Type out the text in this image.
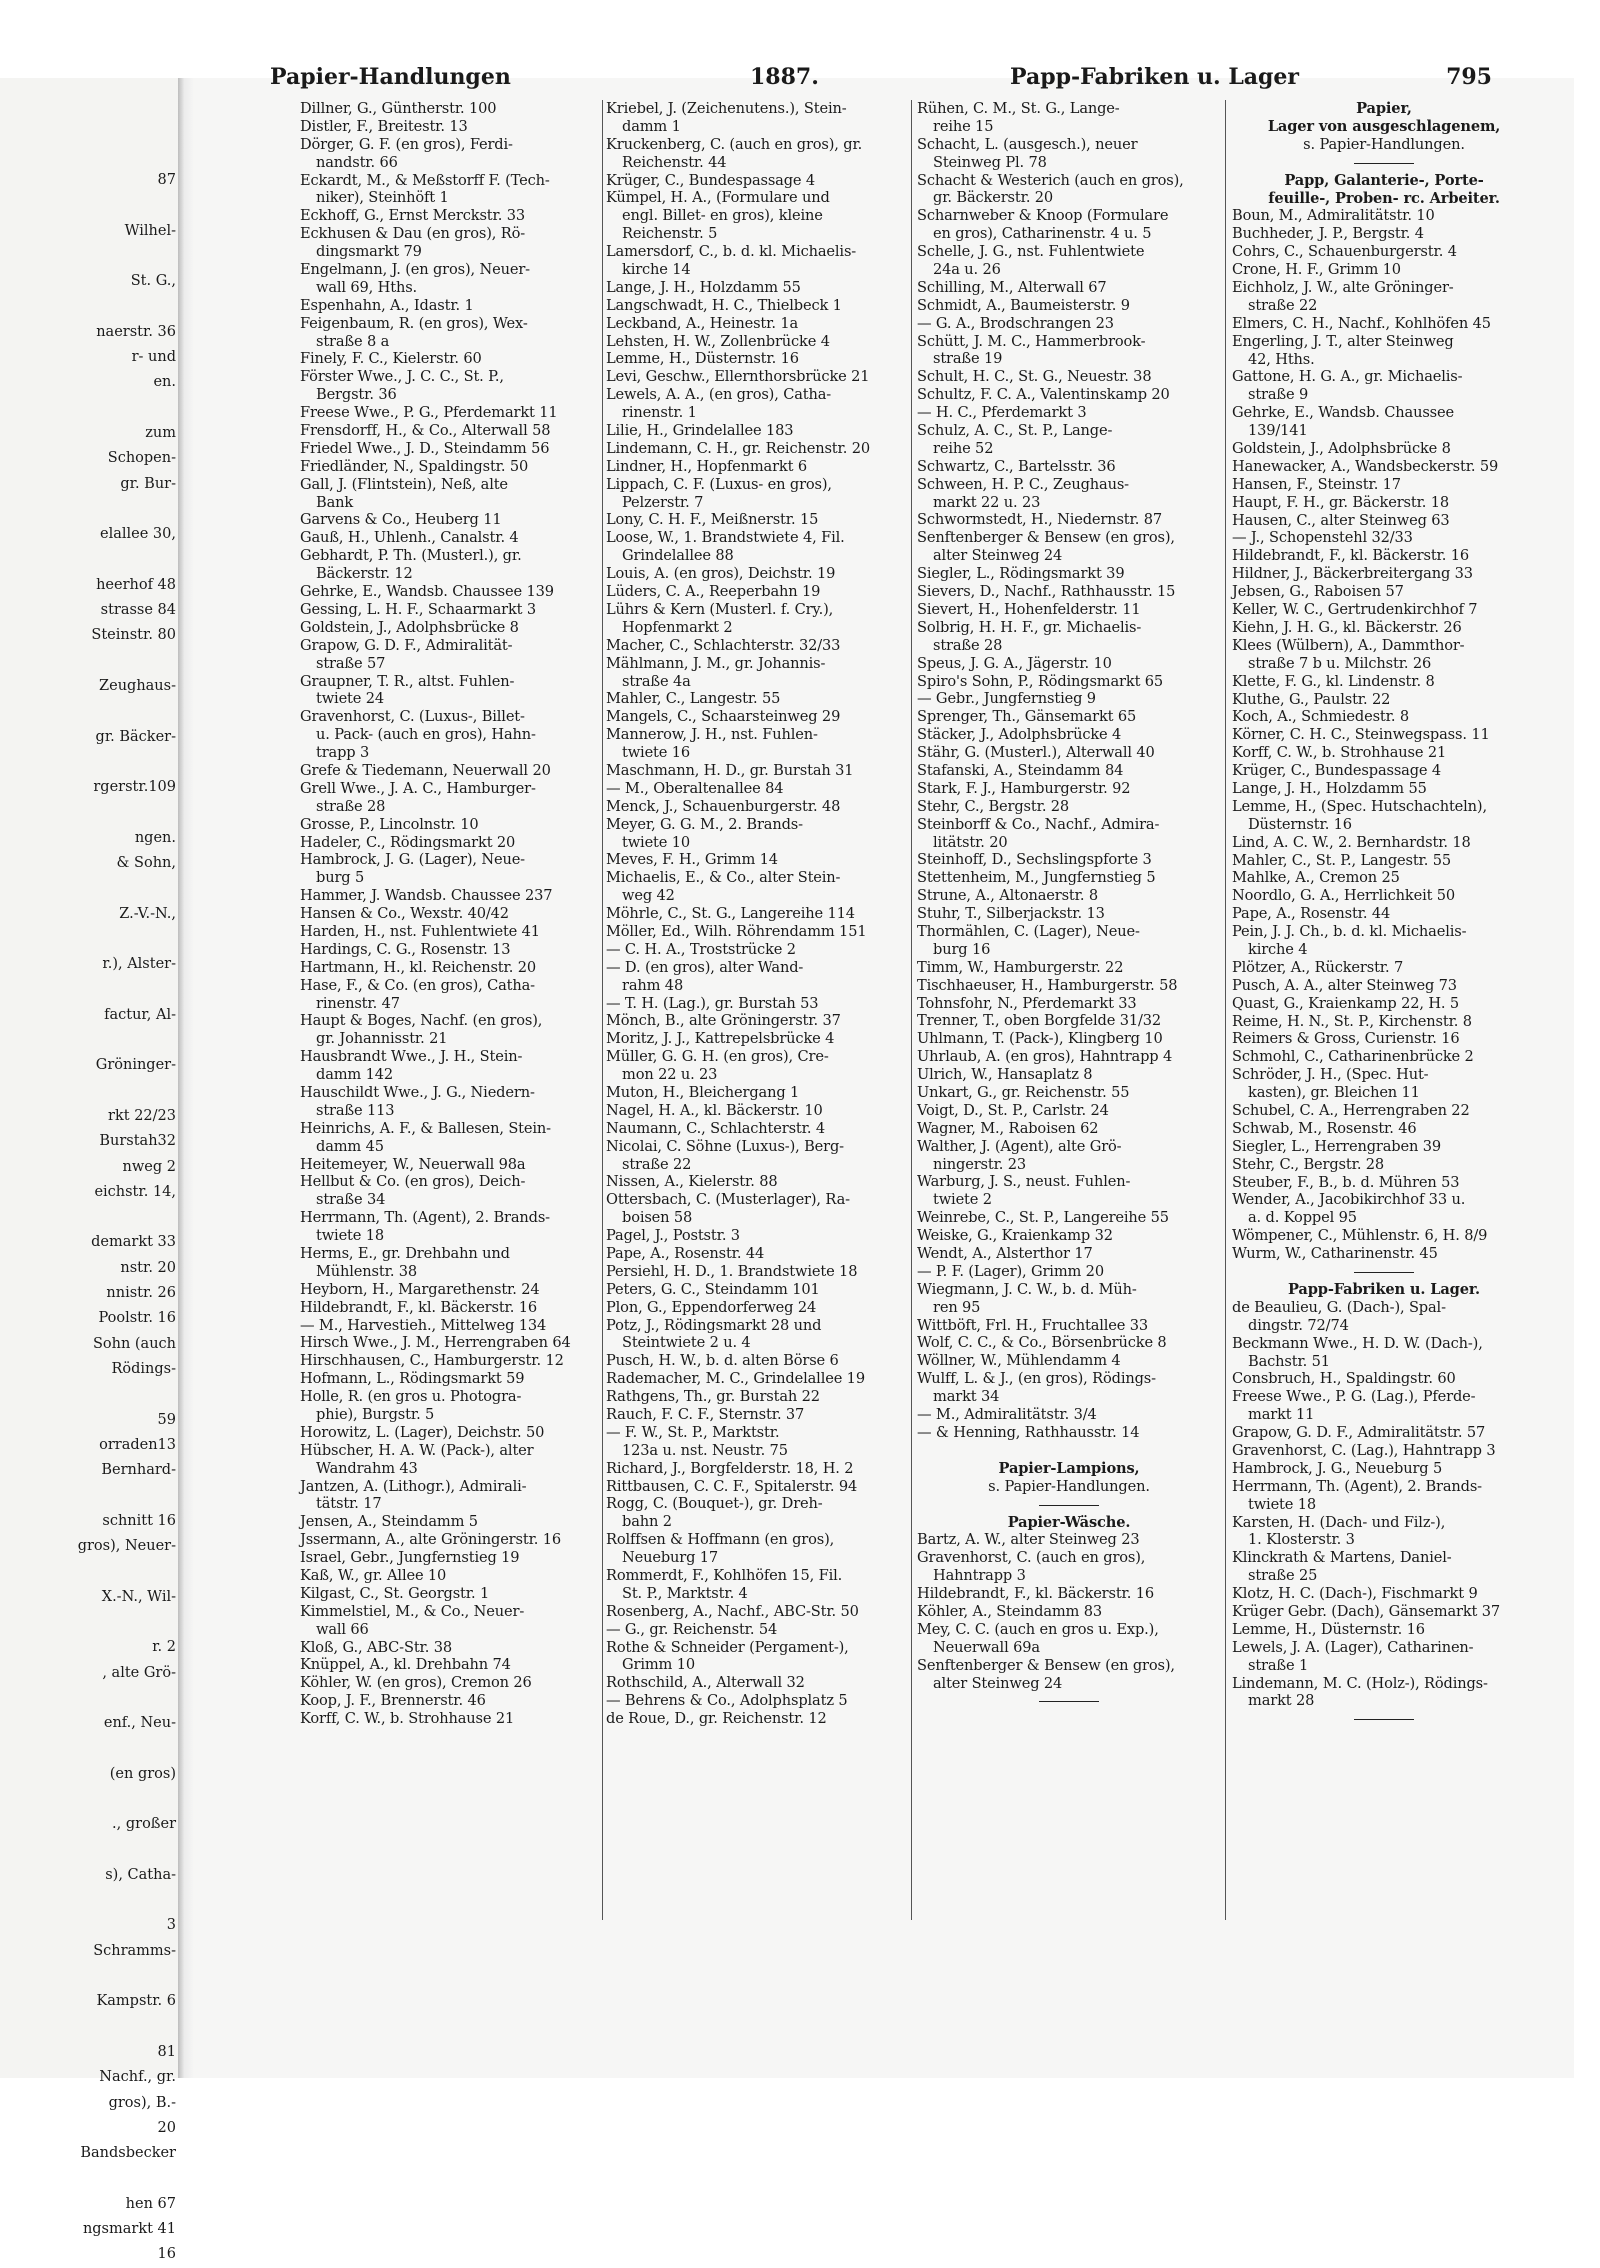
87
Wilhel-
St. G.,
naerstr. 36
r- und
en.
zum
Schopen-
gr. Bur-
elallee 30,
heerhof 48
strasse 84
Steinstr. 80
Zeughaus-
gr. Bäcker-
rgerstr.109
ngen.
& Sohn,
Z.-V.-N.,
r.), Alster-
factur, Al-
Gröninger-
rkt 22/23
Burstah32
nweg 2
eichstr. 14,
demarkt 33
nstr. 20
nnistr. 26
Poolstr. 16
Sohn (auch
Rödings-
59
orraden13
Bernhard-
schnitt 16
gros), Neuer-
X.-N., Wil-
r. 2
, alte Grö-
enf., Neu-
(en gros)
., großer
s), Catha-
3
Schramms-
Kampstr. 6
81
Nachf., gr.
gros), B.-
20
Bandsbecker
hen 67
ngsmarkt 41
16
Papier-Handlungen	1887.	Papp-Fabriken u. Lager	795
Dillner, G., Güntherstr. 100
Distler, F., Breitestr. 13
Dörger, G. F. (en gros), Ferdi-
nandstr. 66
Eckardt, M., & Meßstorff F. (Tech-
niker), Steinhöft 1
Eckhoff, G., Ernst Merckstr. 33
Eckhusen & Dau (en gros), Rö-
dingsmarkt 79
Engelmann, J. (en gros), Neuer-
wall 69, Hths.
Espenhahn, A., Idastr. 1
Feigenbaum, R. (en gros), Wex-
straße 8 a
Finely, F. C., Kielerstr. 60
Förster Wwe., J. C. C., St. P.,
Bergstr. 36
Freese Wwe., P. G., Pferdemarkt 11
Frensdorff, H., & Co., Alterwall 58
Friedel Wwe., J. D., Steindamm 56
Friedländer, N., Spaldingstr. 50
Gall, J. (Flintstein), Neß, alte
Bank
Garvens & Co., Heuberg 11
Gauß, H., Uhlenh., Canalstr. 4
Gebhardt, P. Th. (Musterl.), gr.
Bäckerstr. 12
Gehrke, E., Wandsb. Chaussee 139
Gessing, L. H. F., Schaarmarkt 3
Goldstein, J., Adolphsbrücke 8
Grapow, G. D. F., Admiralität-
straße 57
Graupner, T. R., altst. Fuhlen-
twiete 24
Gravenhorst, C. (Luxus-, Billet-
u. Pack- (auch en gros), Hahn-
trapp 3
Grefe & Tiedemann, Neuerwall 20
Grell Wwe., J. A. C., Hamburger-
straße 28
Grosse, P., Lincolnstr. 10
Hadeler, C., Rödingsmarkt 20
Hambrock, J. G. (Lager), Neue-
burg 5
Hammer, J. Wandsb. Chaussee 237
Hansen & Co., Wexstr. 40/42
Harden, H., nst. Fuhlentwiete 41
Hardings, C. G., Rosenstr. 13
Hartmann, H., kl. Reichenstr. 20
Hase, F., & Co. (en gros), Catha-
rinenstr. 47
Haupt & Boges, Nachf. (en gros),
gr. Johannisstr. 21
Hausbrandt Wwe., J. H., Stein-
damm 142
Hauschildt Wwe., J. G., Niedern-
straße 113
Heinrichs, A. F., & Ballesen, Stein-
damm 45
Heitemeyer, W., Neuerwall 98a
Hellbut & Co. (en gros), Deich-
straße 34
Herrmann, Th. (Agent), 2. Brands-
twiete 18
Herms, E., gr. Drehbahn und
Mühlenstr. 38
Heyborn, H., Margarethenstr. 24
Hildebrandt, F., kl. Bäckerstr. 16
— M., Harvestieh., Mittelweg 134
Hirsch Wwe., J. M., Herrengraben 64
Hirschhausen, C., Hamburgerstr. 12
Hofmann, L., Rödingsmarkt 59
Holle, R. (en gros u. Photogra-
phie), Burgstr. 5
Horowitz, L. (Lager), Deichstr. 50
Hübscher, H. A. W. (Pack-), alter
Wandrahm 43
Jantzen, A. (Lithogr.), Admirali-
tätstr. 17
Jensen, A., Steindamm 5
Jssermann, A., alte Gröningerstr. 16
Israel, Gebr., Jungfernstieg 19
Kaß, W., gr. Allee 10
Kilgast, C., St. Georgstr. 1
Kimmelstiel, M., & Co., Neuer-
wall 66
Kloß, G., ABC-Str. 38
Knüppel, A., kl. Drehbahn 74
Köhler, W. (en gros), Cremon 26
Koop, J. F., Brennerstr. 46
Korff, C. W., b. Strohhause 21
Kriebel, J. (Zeichenutens.), Stein-
damm 1
Kruckenberg, C. (auch en gros), gr.
Reichenstr. 44
Krüger, C., Bundespassage 4
Kümpel, H. A., (Formulare und
engl. Billet- en gros), kleine
Reichenstr. 5
Lamersdorf, C., b. d. kl. Michaelis-
kirche 14
Lange, J. H., Holzdamm 55
Langschwadt, H. C., Thielbeck 1
Leckband, A., Heinestr. 1a
Lehsten, H. W., Zollenbrücke 4
Lemme, H., Düsternstr. 16
Levi, Geschw., Ellernthorsbrücke 21
Lewels, A. A., (en gros), Catha-
rinenstr. 1
Lilie, H., Grindelallee 183
Lindemann, C. H., gr. Reichenstr. 20
Lindner, H., Hopfenmarkt 6
Lippach, C. F. (Luxus- en gros),
Pelzerstr. 7
Lony, C. H. F., Meißnerstr. 15
Loose, W., 1. Brandstwiete 4, Fil.
Grindelallee 88
Louis, A. (en gros), Deichstr. 19
Lüders, C. A., Reeperbahn 19
Lührs & Kern (Musterl. f. Cry.),
Hopfenmarkt 2
Macher, C., Schlachterstr. 32/33
Mählmann, J. M., gr. Johannis-
straße 4a
Mahler, C., Langestr. 55
Mangels, C., Schaarsteinweg 29
Mannerow, J. H., nst. Fuhlen-
twiete 16
Maschmann, H. D., gr. Burstah 31
— M., Oberaltenallee 84
Menck, J., Schauenburgerstr. 48
Meyer, G. G. M., 2. Brands-
twiete 10
Meves, F. H., Grimm 14
Michaelis, E., & Co., alter Stein-
weg 42
Möhrle, C., St. G., Langereihe 114
Möller, Ed., Wilh. Röhrendamm 151
— C. H. A., Troststrücke 2
— D. (en gros), alter Wand-
rahm 48
— T. H. (Lag.), gr. Burstah 53
Mönch, B., alte Gröningerstr. 37
Moritz, J. J., Kattrepelsbrücke 4
Müller, G. G. H. (en gros), Cre-
mon 22 u. 23
Muton, H., Bleichergang 1
Nagel, H. A., kl. Bäckerstr. 10
Naumann, C., Schlachterstr. 4
Nicolai, C. Söhne (Luxus-), Berg-
straße 22
Nissen, A., Kielerstr. 88
Ottersbach, C. (Musterlager), Ra-
boisen 58
Pagel, J., Poststr. 3
Pape, A., Rosenstr. 44
Persiehl, H. D., 1. Brandstwiete 18
Peters, G. C., Steindamm 101
Plon, G., Eppendorferweg 24
Potz, J., Rödingsmarkt 28 und
Steintwiete 2 u. 4
Pusch, H. W., b. d. alten Börse 6
Rademacher, M. C., Grindelallee 19
Rathgens, Th., gr. Burstah 22
Rauch, F. C. F., Sternstr. 37
— F. W., St. P., Marktstr.
123a u. nst. Neustr. 75
Richard, J., Borgfelderstr. 18, H. 2
Rittbausen, C. C. F., Spitalerstr. 94
Rogg, C. (Bouquet-), gr. Dreh-
bahn 2
Rolffsen & Hoffmann (en gros),
Neueburg 17
Rommerdt, F., Kohlhöfen 15, Fil.
St. P., Marktstr. 4
Rosenberg, A., Nachf., ABC-Str. 50
— G., gr. Reichenstr. 54
Rothe & Schneider (Pergament-),
Grimm 10
Rothschild, A., Alterwall 32
— Behrens & Co., Adolphsplatz 5
de Roue, D., gr. Reichenstr. 12
Rühen, C. M., St. G., Lange-
reihe 15
Schacht, L. (ausgesch.), neuer
Steinweg Pl. 78
Schacht & Westerich (auch en gros),
gr. Bäckerstr. 20
Scharnweber & Knoop (Formulare
en gros), Catharinenstr. 4 u. 5
Schelle, J. G., nst. Fuhlentwiete
24a u. 26
Schilling, M., Alterwall 67
Schmidt, A., Baumeisterstr. 9
— G. A., Brodschrangen 23
Schütt, J. M. C., Hammerbrook-
straße 19
Schult, H. C., St. G., Neuestr. 38
Schultz, F. C. A., Valentinskamp 20
— H. C., Pferdemarkt 3
Schulz, A. C., St. P., Lange-
reihe 52
Schwartz, C., Bartelsstr. 36
Schween, H. P. C., Zeughaus-
markt 22 u. 23
Schwormstedt, H., Niedernstr. 87
Senftenberger & Bensew (en gros),
alter Steinweg 24
Siegler, L., Rödingsmarkt 39
Sievers, D., Nachf., Rathhausstr. 15
Sievert, H., Hohenfelderstr. 11
Solbrig, H. H. F., gr. Michaelis-
straße 28
Speus, J. G. A., Jägerstr. 10
Spiro's Sohn, P., Rödingsmarkt 65
— Gebr., Jungfernstieg 9
Sprenger, Th., Gänsemarkt 65
Stäcker, J., Adolphsbrücke 4
Stähr, G. (Musterl.), Alterwall 40
Stafanski, A., Steindamm 84
Stark, F. J., Hamburgerstr. 92
Stehr, C., Bergstr. 28
Steinborff & Co., Nachf., Admira-
litätstr. 20
Steinhoff, D., Sechslingspforte 3
Stettenheim, M., Jungfernstieg 5
Strune, A., Altonaerstr. 8
Stuhr, T., Silberjackstr. 13
Thormählen, C. (Lager), Neue-
burg 16
Timm, W., Hamburgerstr. 22
Tischhaeuser, H., Hamburgerstr. 58
Tohnsfohr, N., Pferdemarkt 33
Trenner, T., oben Borgfelde 31/32
Uhlmann, T. (Pack-), Klingberg 10
Uhrlaub, A. (en gros), Hahntrapp 4
Ulrich, W., Hansaplatz 8
Unkart, G., gr. Reichenstr. 55
Voigt, D., St. P., Carlstr. 24
Wagner, M., Raboisen 62
Walther, J. (Agent), alte Grö-
ningerstr. 23
Warburg, J. S., neust. Fuhlen-
twiete 2
Weinrebe, C., St. P., Langereihe 55
Weiske, G., Kraienkamp 32
Wendt, A., Alsterthor 17
— P. F. (Lager), Grimm 20
Wiegmann, J. C. W., b. d. Müh-
ren 95
Wittböft, Frl. H., Fruchtallee 33
Wolf, C. C., & Co., Börsenbrücke 8
Wöllner, W., Mühlendamm 4
Wulff, L. & J., (en gros), Rödings-
markt 34
— M., Admiralitätstr. 3/4
— & Henning, Rathhausstr. 14
Papier-Lampions,
s. Papier-Handlungen.
Papier-Wäsche.
Bartz, A. W., alter Steinweg 23
Gravenhorst, C. (auch en gros),
Hahntrapp 3
Hildebrandt, F., kl. Bäckerstr. 16
Köhler, A., Steindamm 83
Mey, C. C. (auch en gros u. Exp.),
Neuerwall 69a
Senftenberger & Bensew (en gros),
alter Steinweg 24
Papier,
Lager von ausgeschlagenem,
s. Papier-Handlungen.
Papp, Galanterie-, Porte-
feuille-, Proben- rc. Arbeiter.
Boun, M., Admiralitätstr. 10
Buchheder, J. P., Bergstr. 4
Cohrs, C., Schauenburgerstr. 4
Crone, H. F., Grimm 10
Eichholz, J. W., alte Gröninger-
straße 22
Elmers, C. H., Nachf., Kohlhöfen 45
Engerling, J. T., alter Steinweg
42, Hths.
Gattone, H. G. A., gr. Michaelis-
straße 9
Gehrke, E., Wandsb. Chaussee
139/141
Goldstein, J., Adolphsbrücke 8
Hanewacker, A., Wandsbeckerstr. 59
Hansen, F., Steinstr. 17
Haupt, F. H., gr. Bäckerstr. 18
Hausen, C., alter Steinweg 63
— J., Schopenstehl 32/33
Hildebrandt, F., kl. Bäckerstr. 16
Hildner, J., Bäckerbreitergang 33
Jebsen, G., Raboisen 57
Keller, W. C., Gertrudenkirchhof 7
Kiehn, J. H. G., kl. Bäckerstr. 26
Klees (Wülbern), A., Dammthor-
straße 7 b u. Milchstr. 26
Klette, F. G., kl. Lindenstr. 8
Kluthe, G., Paulstr. 22
Koch, A., Schmiedestr. 8
Körner, C. H. C., Steinwegspass. 11
Korff, C. W., b. Strohhause 21
Krüger, C., Bundespassage 4
Lange, J. H., Holzdamm 55
Lemme, H., (Spec. Hutschachteln),
Düsternstr. 16
Lind, A. C. W., 2. Bernhardstr. 18
Mahler, C., St. P., Langestr. 55
Mahlke, A., Cremon 25
Noordlo, G. A., Herrlichkeit 50
Pape, A., Rosenstr. 44
Pein, J. J. Ch., b. d. kl. Michaelis-
kirche 4
Plötzer, A., Rückerstr. 7
Pusch, A. A., alter Steinweg 73
Quast, G., Kraienkamp 22, H. 5
Reime, H. N., St. P., Kirchenstr. 8
Reimers & Gross, Curienstr. 16
Schmohl, C., Catharinenbrücke 2
Schröder, J. H., (Spec. Hut-
kasten), gr. Bleichen 11
Schubel, C. A., Herrengraben 22
Schwab, M., Rosenstr. 46
Siegler, L., Herrengraben 39
Stehr, C., Bergstr. 28
Steuber, F., B., b. d. Mühren 53
Wender, A., Jacobikirchhof 33 u.
a. d. Koppel 95
Wömpener, C., Mühlenstr. 6, H. 8/9
Wurm, W., Catharinenstr. 45
Papp-Fabriken u. Lager.
de Beaulieu, G. (Dach-), Spal-
dingstr. 72/74
Beckmann Wwe., H. D. W. (Dach-),
Bachstr. 51
Consbruch, H., Spaldingstr. 60
Freese Wwe., P. G. (Lag.), Pferde-
markt 11
Grapow, G. D. F., Admiralitätstr. 57
Gravenhorst, C. (Lag.), Hahntrapp 3
Hambrock, J. G., Neueburg 5
Herrmann, Th. (Agent), 2. Brands-
twiete 18
Karsten, H. (Dach- und Filz-),
1. Klosterstr. 3
Klinckrath & Martens, Daniel-
straße 25
Klotz, H. C. (Dach-), Fischmarkt 9
Krüger Gebr. (Dach), Gänsemarkt 37
Lemme, H., Düsternstr. 16
Lewels, J. A. (Lager), Catharinen-
straße 1
Lindemann, M. C. (Holz-), Rödings-
markt 28
